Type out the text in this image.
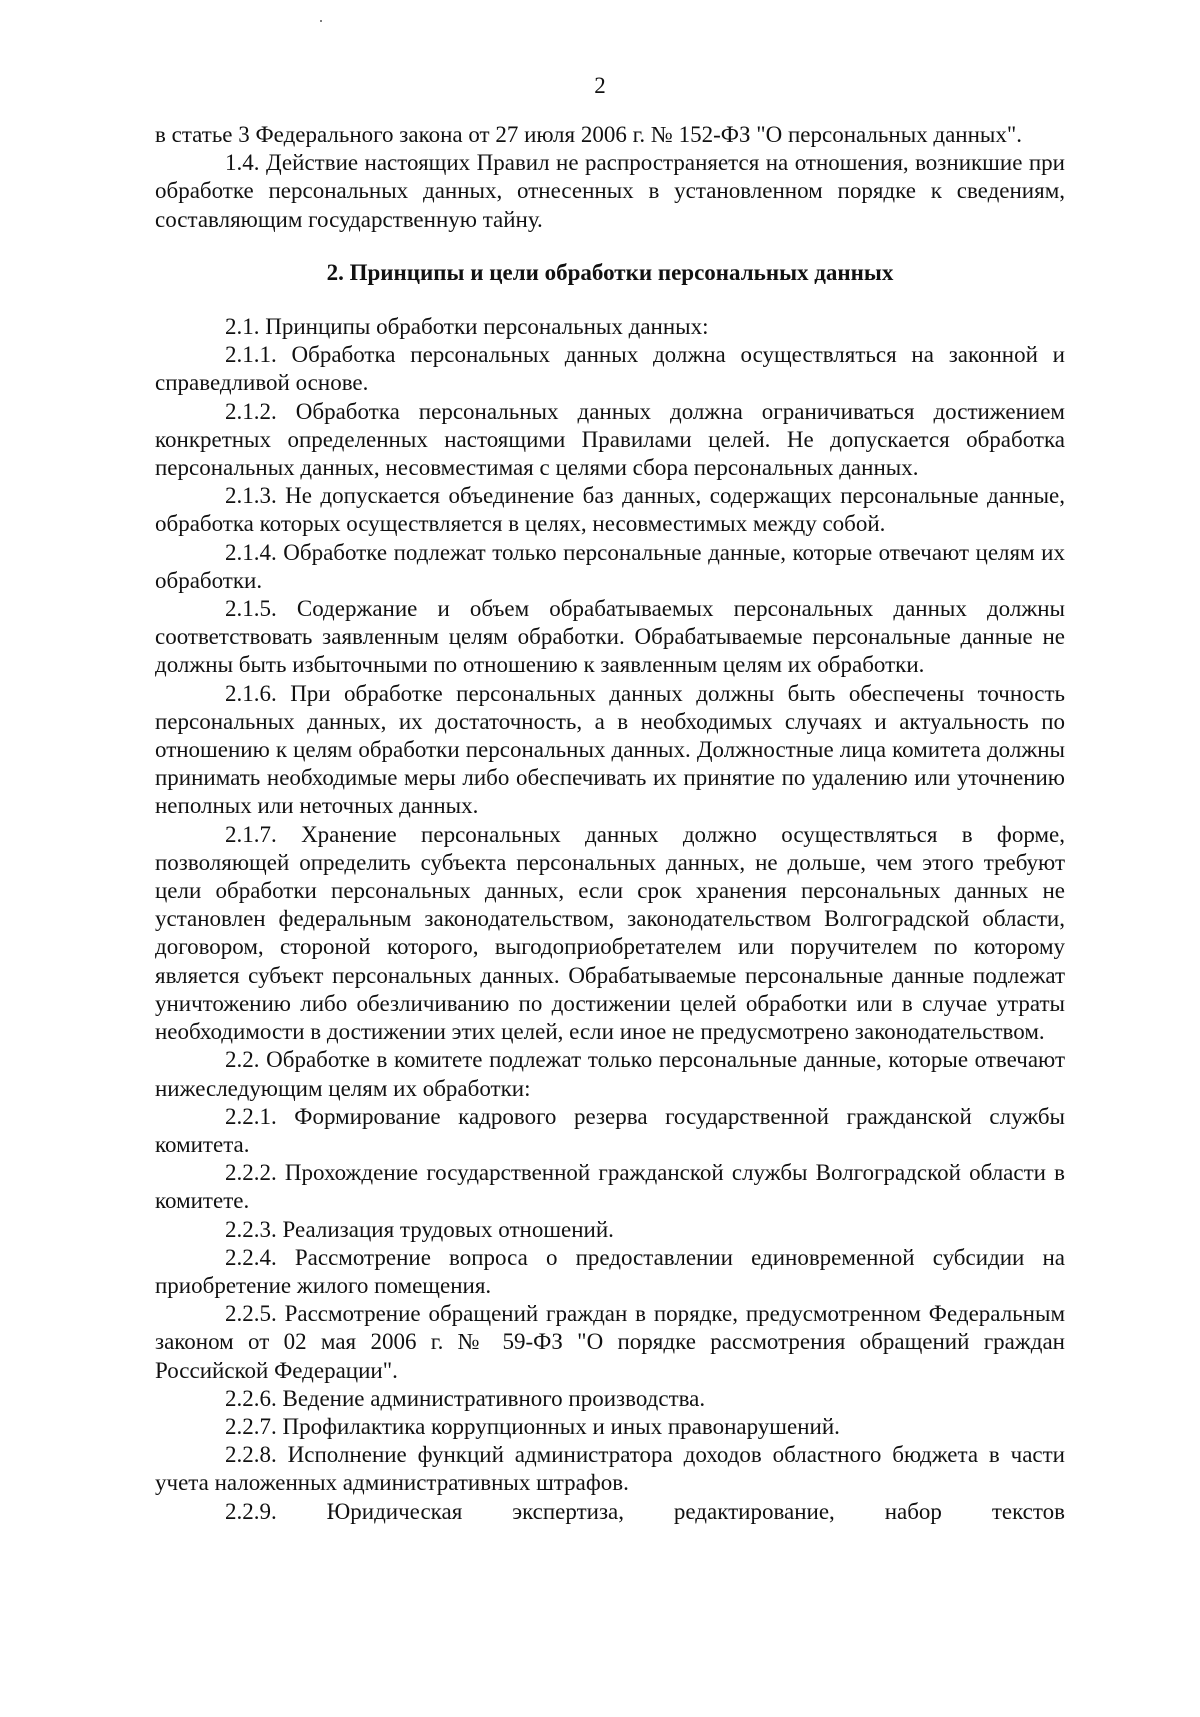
2

в статье 3 Федерального закона от 27 июля 2006 г. № 152-ФЗ "О персональных данных".

1.4. Действие настоящих Правил не распространяется на отношения, возникшие при обработке персональных данных, отнесенных в установленном порядке к сведениям, составляющим государственную тайну.

2. Принципы и цели обработки персональных данных

2.1. Принципы обработки персональных данных:

2.1.1. Обработка персональных данных должна осуществляться на законной и справедливой основе.

2.1.2. Обработка персональных данных должна ограничиваться достижением конкретных определенных настоящими Правилами целей. Не допускается обработка персональных данных, несовместимая с целями сбора персональных данных.

2.1.3. Не допускается объединение баз данных, содержащих персональные данные, обработка которых осуществляется в целях, несовместимых между собой.

2.1.4. Обработке подлежат только персональные данные, которые отвечают целям их обработки.

2.1.5. Содержание и объем обрабатываемых персональных данных должны соответствовать заявленным целям обработки. Обрабатываемые персональные данные не должны быть избыточными по отношению к заявленным целям их обработки.

2.1.6. При обработке персональных данных должны быть обеспечены точность персональных данных, их достаточность, а в необходимых случаях и актуальность по отношению к целям обработки персональных данных. Должностные лица комитета должны принимать необходимые меры либо обеспечивать их принятие по удалению или уточнению неполных или неточных данных.

2.1.7. Хранение персональных данных должно осуществляться в форме, позволяющей определить субъекта персональных данных, не дольше, чем этого требуют цели обработки персональных данных, если срок хранения персональных данных не установлен федеральным законодательством, законодательством Волгоградской области, договором, стороной которого, выгодоприобретателем или поручителем по которому является субъект персональных данных. Обрабатываемые персональные данные подлежат уничтожению либо обезличиванию по достижении целей обработки или в случае утраты необходимости в достижении этих целей, если иное не предусмотрено законодательством.

2.2. Обработке в комитете подлежат только персональные данные, которые отвечают нижеследующим целям их обработки:

2.2.1. Формирование кадрового резерва государственной гражданской службы комитета.

2.2.2. Прохождение государственной гражданской службы Волгоградской области в комитете.

2.2.3. Реализация трудовых отношений.

2.2.4. Рассмотрение вопроса о предоставлении единовременной субсидии на приобретение жилого помещения.

2.2.5. Рассмотрение обращений граждан в порядке, предусмотренном Федеральным законом от 02 мая 2006 г. № 59-ФЗ "О порядке рассмотрения обращений граждан Российской Федерации".

2.2.6. Ведение административного производства.

2.2.7. Профилактика коррупционных и иных правонарушений.

2.2.8. Исполнение функций администратора доходов областного бюджета в части учета наложенных административных штрафов.

2.2.9. Юридическая экспертиза, редактирование, набор текстов
